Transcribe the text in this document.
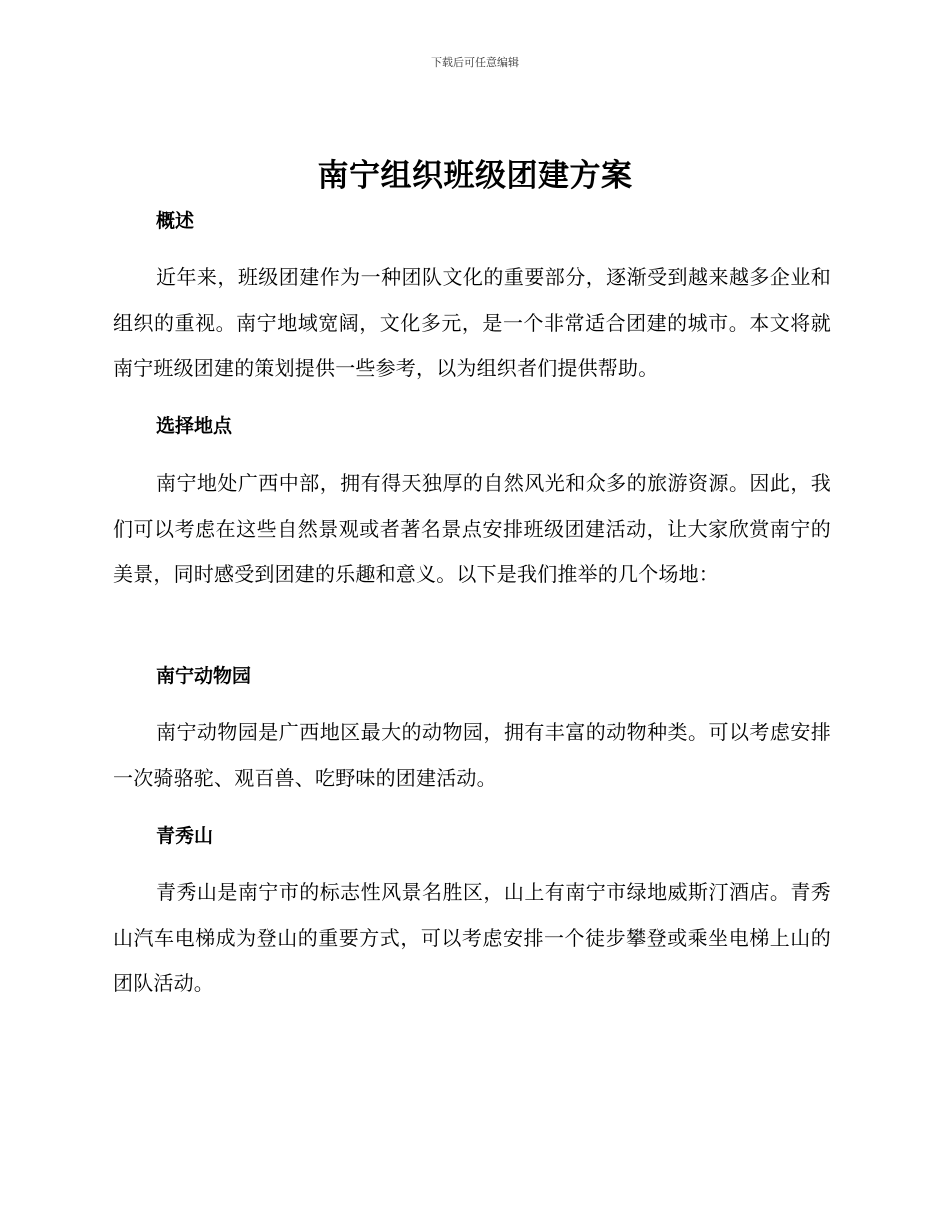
下载后可任意编辑
南宁组织班级团建方案
概述
近年来，班级团建作为一种团队文化的重要部分，逐渐受到越来越多企业和组织的重视。南宁地域宽阔，文化多元，是一个非常适合团建的城市。本文将就南宁班级团建的策划提供一些参考，以为组织者们提供帮助。
选择地点
南宁地处广西中部，拥有得天独厚的自然风光和众多的旅游资源。因此，我们可以考虑在这些自然景观或者著名景点安排班级团建活动，让大家欣赏南宁的美景，同时感受到团建的乐趣和意义。以下是我们推举的几个场地：
南宁动物园
南宁动物园是广西地区最大的动物园，拥有丰富的动物种类。可以考虑安排一次骑骆驼、观百兽、吃野味的团建活动。
青秀山
青秀山是南宁市的标志性风景名胜区，山上有南宁市绿地威斯汀酒店。青秀山汽车电梯成为登山的重要方式，可以考虑安排一个徒步攀登或乘坐电梯上山的团队活动。
